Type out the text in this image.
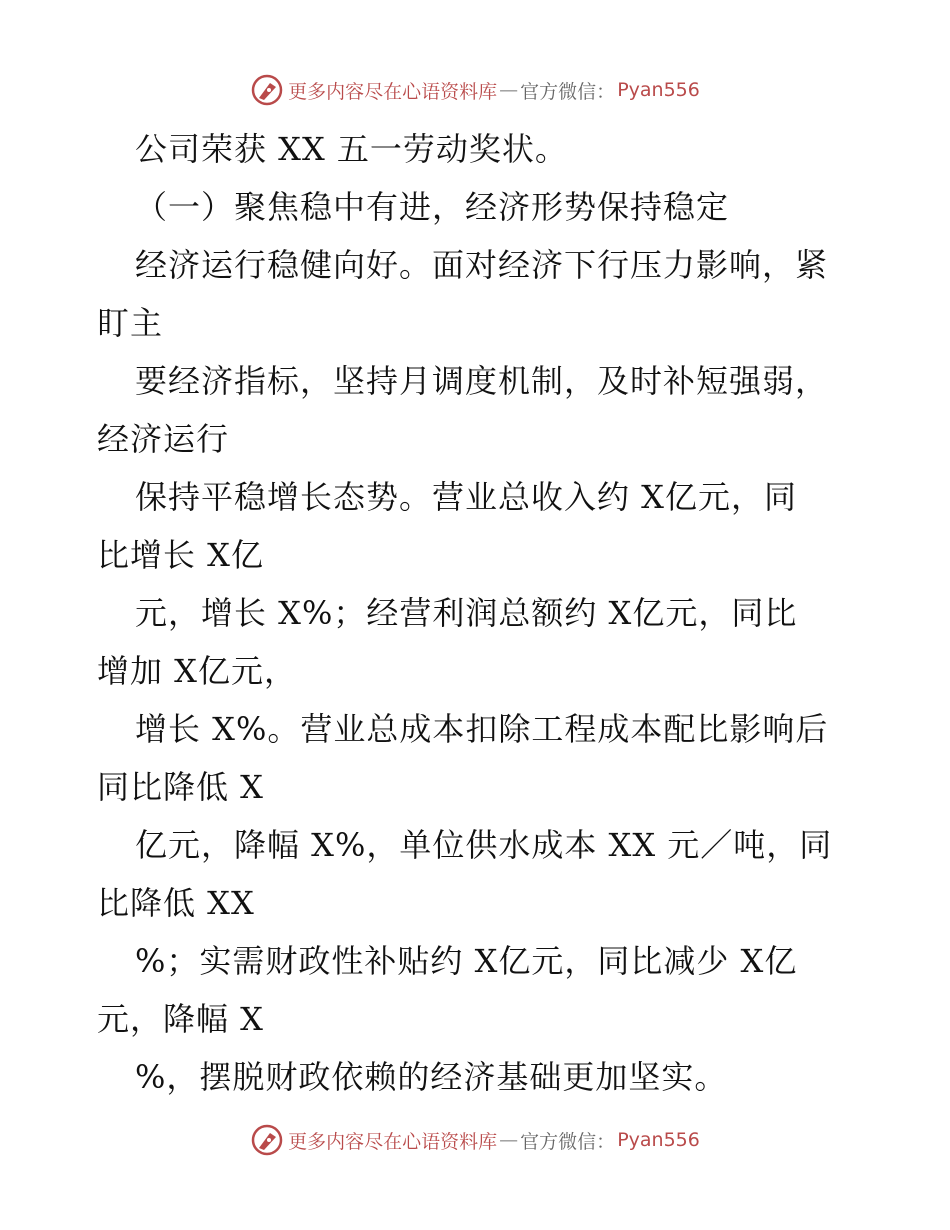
更多内容尽在心语资料库 — 官方微信： Pyan556
公司荣获 XX 五一劳动奖状。
（一）聚焦稳中有进，经济形势保持稳定
经济运行稳健向好。面对经济下行压力影响，紧
盯主
要经济指标，坚持月调度机制，及时补短强弱，
经济运行
保持平稳增长态势。营业总收入约 X亿元，同
比增长 X亿
元，增长 X%；经营利润总额约 X亿元，同比
增加 X亿元，
增长 X%。营业总成本扣除工程成本配比影响后
同比降低 X
亿元，降幅 X%，单位供水成本 XX 元／吨，同
比降低 XX
%；实需财政性补贴约 X亿元，同比减少 X亿
元，降幅 X
%，摆脱财政依赖的经济基础更加坚实。
更多内容尽在心语资料库 — 官方微信： Pyan556
